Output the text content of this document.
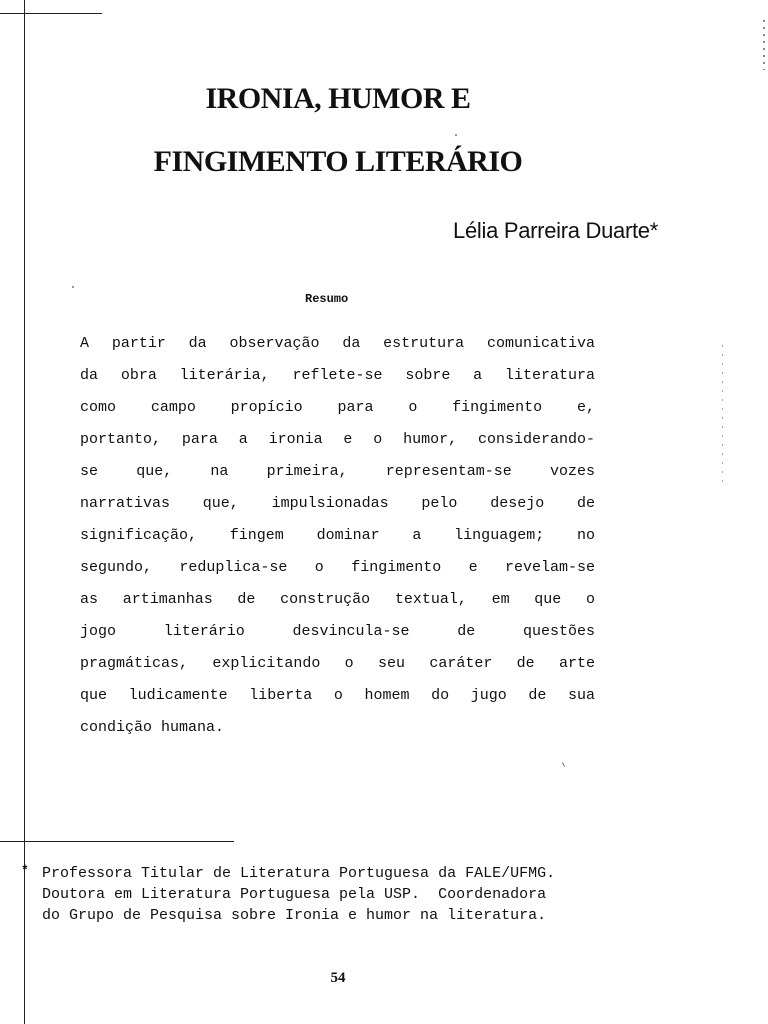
IRONIA, HUMOR E
FINGIMENTO LITERÁRIO
Lélia Parreira Duarte*
Resumo
A partir da observação da estrutura comunicativa
da obra literária, reflete-se sobre a literatura
como campo propício para o fingimento e,
portanto, para a ironia e o humor, considerando-
se que, na primeira, representam-se vozes
narrativas que, impulsionadas pelo desejo de
significação, fingem dominar a linguagem; no
segundo, reduplica-se o fingimento e revelam-se
as artimanhas de construção textual, em que o
jogo literário desvincula-se de questões
pragmáticas, explicitando o seu caráter de arte
que ludicamente liberta o homem do jugo de sua
condição humana.
* Professora Titular de Literatura Portuguesa da FALE/UFMG.
Doutora em Literatura Portuguesa pela USP.  Coordenadora
do Grupo de Pesquisa sobre Ironia e humor na literatura.
54
